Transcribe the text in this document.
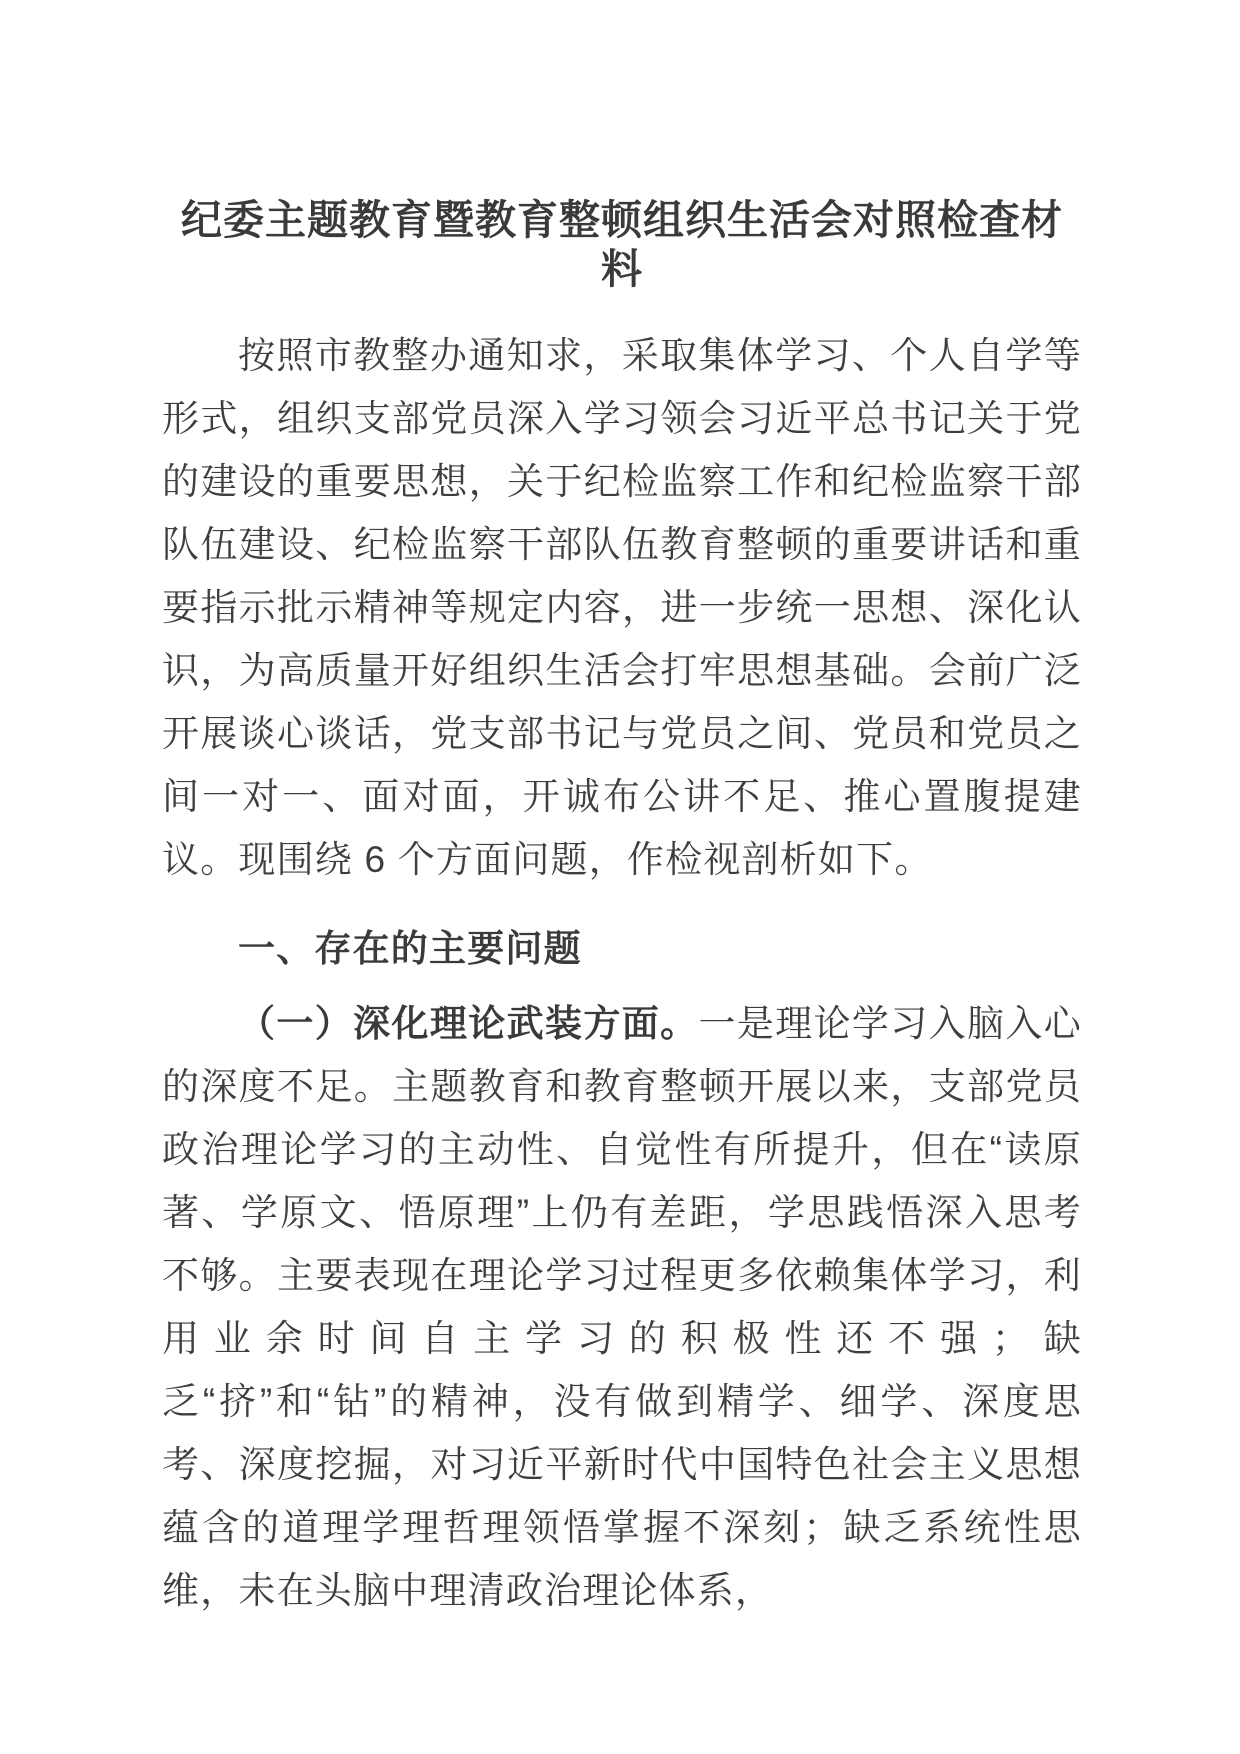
纪委主题教育暨教育整顿组织生活会对照检查材料

按照市教整办通知求，采取集体学习、个人自学等形式，组织支部党员深入学习领会习近平总书记关于党的建设的重要思想，关于纪检监察工作和纪检监察干部队伍建设、纪检监察干部队伍教育整顿的重要讲话和重要指示批示精神等规定内容，进一步统一思想、深化认识，为高质量开好组织生活会打牢思想基础。会前广泛开展谈心谈话，党支部书记与党员之间、党员和党员之间一对一、面对面，开诚布公讲不足、推心置腹提建议。现围绕 6 个方面问题，作检视剖析如下。

一、存在的主要问题

（一）深化理论武装方面。一是理论学习入脑入心的深度不足。主题教育和教育整顿开展以来，支部党员政治理论学习的主动性、自觉性有所提升，但在“读原著、学原文、悟原理”上仍有差距，学思践悟深入思考不够。主要表现在理论学习过程更多依赖集体学习，利用业余时间自主学习的积极性还不强；缺乏“挤”和“钻”的精神，没有做到精学、细学、深度思考、深度挖掘，对习近平新时代中国特色社会主义思想蕴含的道理学理哲理领悟掌握不深刻；缺乏系统性思维，未在头脑中理清政治理论体系，
